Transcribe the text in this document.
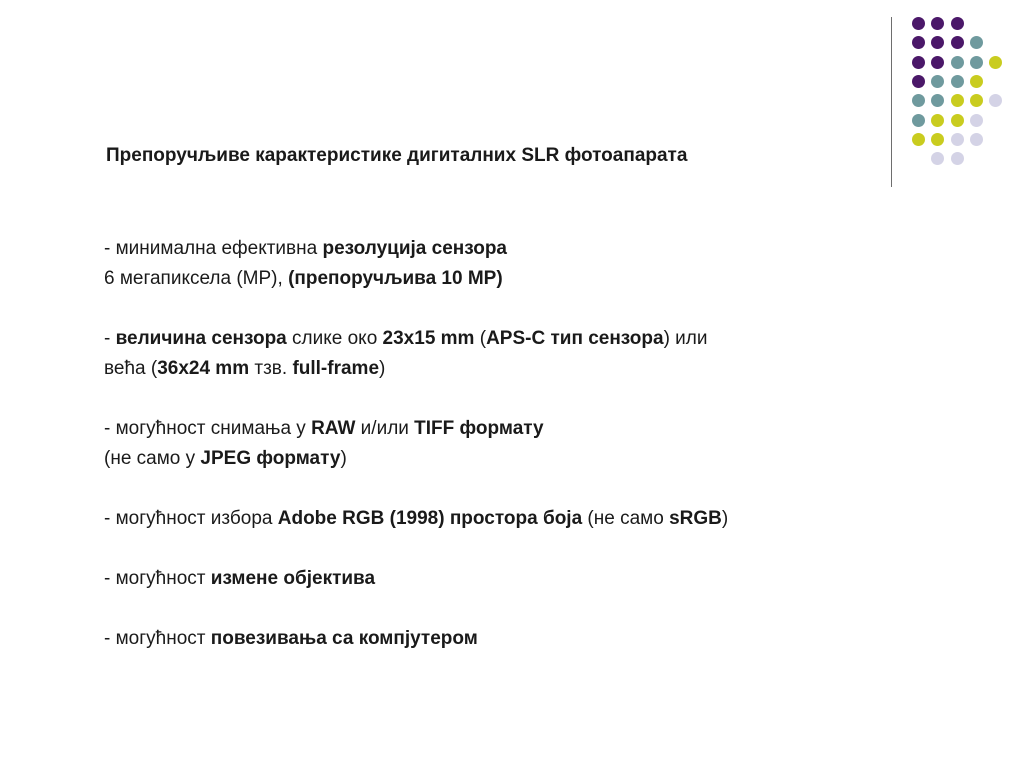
Препоручљиве карактеристике дигиталних SLR фотоапарата
- минимална ефективна резолуција сензора
6 мегапиксела (MP), (препоручљива 10 MP)
- величина сензора слике око 23x15 mm (APS-C тип сензора) или
већа (36x24 mm тзв. full-frame)
- могућност снимања у RAW и/или TIFF формату
(не само у JPEG формату)
- могућност избора Adobe RGB (1998) простора боја (не само sRGB)
- могућност измене објектива
- могућност повезивања са компјутером
